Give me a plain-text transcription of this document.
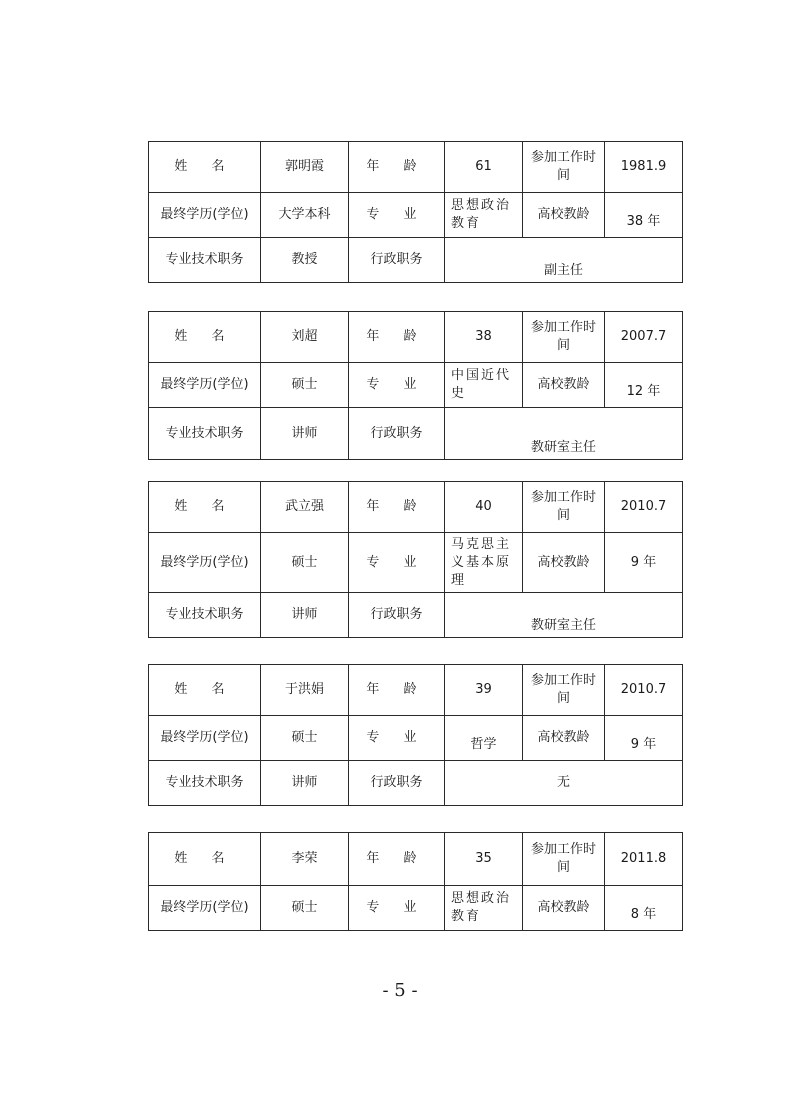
姓 名	郭明霞	年 龄	61	参加工作时间	1981.9
最终学历(学位)	大学本科	专 业	思想政治教育	高校教龄	38 年
专业技术职务	教授	行政职务	副主任		
姓 名	刘超	年 龄	38	参加工作时间	2007.7
最终学历(学位)	硕士	专 业	中国近代史	高校教龄	12 年
专业技术职务	讲师	行政职务	教研室主任		
姓 名	武立强	年 龄	40	参加工作时间	2010.7
最终学历(学位)	硕士	专 业	马克思主义基本原理	高校教龄	9 年
专业技术职务	讲师	行政职务	教研室主任		
姓 名	于洪娟	年 龄	39	参加工作时间	2010.7
最终学历(学位)	硕士	专 业	哲学	高校教龄	9 年
专业技术职务	讲师	行政职务	无		
姓 名	李荣	年 龄	35	参加工作时间	2011.8
最终学历(学位)	硕士	专 业	思想政治教育	高校教龄	8 年
- 5 -
